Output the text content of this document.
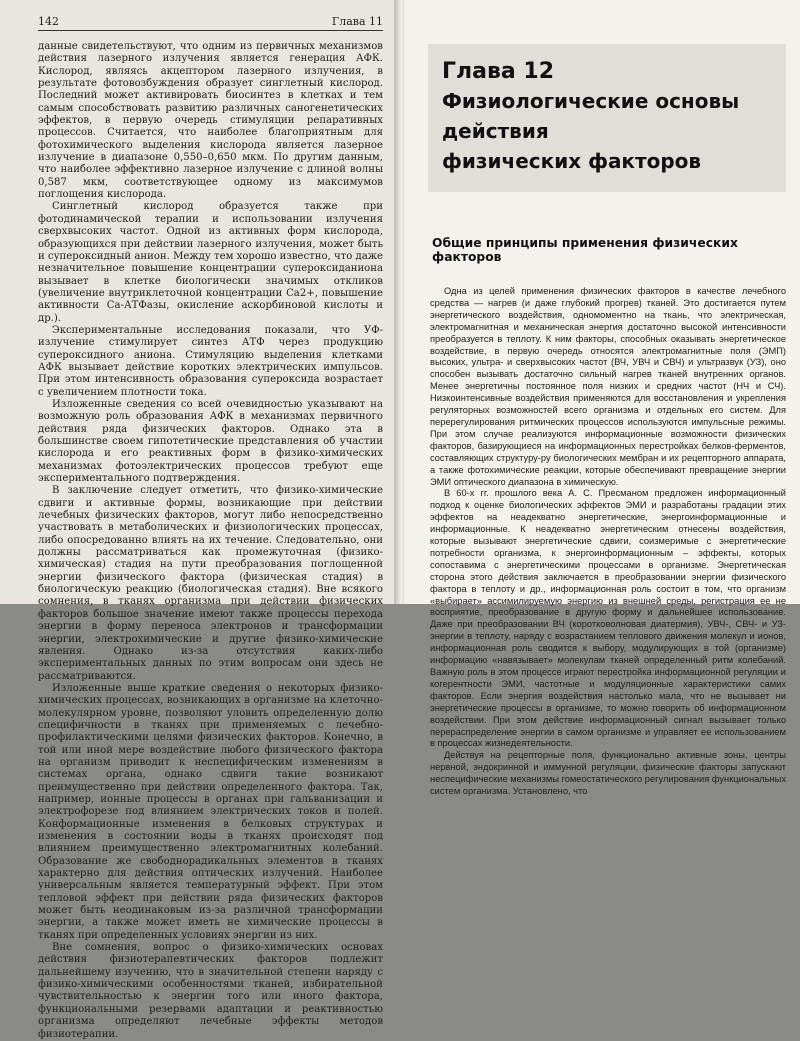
142	Глава 11

данные свидетельствуют, что одним из первичных механизмов действия лазерного излучения является генерация АФК. Кислород, являясь акцептором лазерного излучения, в результате фотовозбуждения образует синглетный кислород. Последний может активировать биосинтез в клетках и тем самым способствовать развитию различных саногенетических эффектов, в первую очередь стимуляции репаративных процессов. Считается, что наиболее благоприятным для фотохимического выделения кислорода является лазерное излучение в диапазоне 0,550–0,650 мкм. По другим данным, что наиболее эффективно лазерное излучение с длиной волны 0,587 мкм, соответствующее одному из максимумов поглощения кислорода.

Синглетный кислород образуется также при фотодинамической терапии и использовании излучения сверхвысоких частот. Одной из активных форм кислорода, образующихся при действии лазерного излучения, может быть и супероксидный анион. Между тем хорошо известно, что даже незначительное повышение концентрации супероксиданиона вызывает в клетке биологически значимых откликов (увеличение внутриклеточной концентрации Ca2+, повышение активности Ca-АТФазы, окисление аскорбиновой кислоты и др.).

Экспериментальные исследования показали, что УФ-излучение стимулирует синтез АТФ через продукцию супероксидного аниона. Стимуляцию выделения клетками АФК вызывает действие коротких электрических импульсов. При этом интенсивность образования супероксида возрастает с увеличением плотности тока.

Изложенные сведения со всей очевидностью указывают на возможную роль образования АФК в механизмах первичного действия ряда физических факторов. Однако эта в большинстве своем гипотетические представления об участии кислорода и его реактивных форм в физико-химических механизмах фотоэлектрических процессов требуют еще экспериментального подтверждения.

В заключение следует отметить, что физико-химические сдвиги и активные формы, возникающие при действии лечебных физических факторов, могут либо непосредственно участвовать в метаболических и физиологических процессах, либо опосредованно влиять на их течение. Следовательно, они должны рассматриваться как промежуточная (физико-химическая) стадия на пути преобразования поглощенной энергии физического фактора (физическая стадия) в биологическую реакцию (биологическая стадия). Вне всякого сомнения, в тканях организма при действии физических факторов большое значение имеют также процессы перехода энергии в форму переноса электронов и трансформации энергии, электрохимические и другие физико-химические явления. Однако из-за отсутствия каких-либо экспериментальных данных по этим вопросам они здесь не рассматриваются.

Изложенные выше краткие сведения о некоторых физико-химических процессах, возникающих в организме на клеточно-молекулярном уровне, позволяют уловить определенную долю специфичности в тканях при применяемых с лечебно-профилактическими целями физических факторов. Конечно, в той или иной мере воздействие любого физического фактора на организм приводит к неспецифическим изменениям в системах органа, однако сдвиги такие возникают преимущественно при действии определенного фактора. Так, например, ионные процессы в органах при гальванизации и электрофорезе под влиянием электрических токов и полей. Конформационные изменения в белковых структурах и изменения в состоянии воды в тканях происходят под влиянием преимущественно электромагнитных колебаний. Образование же свободнорадикальных элементов в тканях характерно для действия оптических излучений. Наиболее универсальным является температурный эффект. При этом тепловой эффект при действии ряда физических факторов может быть неодинаковым из-за различной трансформации энергии, а также может иметь не химические процессы в тканях при определенных условиях энергии из них.

Вне сомнения, вопрос о физико-химических основах действия физиотерапевтических факторов подлежит дальнейшему изучению, что в значительной степени наряду с физико-химическими особенностями тканей, избирательной чувствительностью к энергии того или иного фактора, функциональными резервами адаптации и реактивностью организма определяют лечебные эффекты методов физиотерапии.

Глава 12
Физиологические основы действия
физических факторов
Общие принципы применения физических факторов

Одна из целей применения физических факторов в качестве лечебного средства — нагрев (и даже глубокий прогрев) тканей. Это достигается путем энергетического воздействия, одномоментно на ткань, что электрическая, электромагнитная и механическая энергия достаточно высокой интенсивности преобразуется в теплоту. К ним факторы, способных оказывать энергетическое воздействие, в первую очередь относятся электромагнитные поля (ЭМП) высоких, ультра- и сверхвысоких частот (ВЧ, УВЧ и СВЧ) и ультразвук (УЗ), оно способен вызывать достаточно сильный нагрев тканей внутренних органов. Менее энергетичны постоянное поля низких и средних частот (НЧ и СЧ). Низкоинтенсивные воздействия применяются для восстановления и укрепления регуляторных возможностей всего организма и отдельных его систем. Для перерегулирования ритмических процессов используются импульсные режимы. При этом случае реализуются информационные возможности физических факторов, базирующиеся на информационных перестройках белков-ферментов, составляющих структуру-ру биологических мембран и их рецепторного аппарата, а также фотохимические реакции, которые обеспечивают превращение энергии ЭМИ оптического диапазона в химическую.

В 60-х гг. прошлого века А. С. Пресманом предложен информационный подход к оценке биологических эффектов ЭМИ и разработаны градации этих эффектов на неадекватно энергетические, энергоинформационные и информационные. К неадекватно энергетическим отнесены воздействия, которые вызывают энергетические сдвиги, соизмеримые с энергетические потребности организма, к энергоинформационным – эффекты, которых сопоставима с энергетическими процессами в организме. Энергетическая сторона этого действия заключается в преобразовании энергии физического фактора в теплоту и др., информационная роль состоит в том, что организм «выбирает» ассимилируемую энергию из внешней среды, регистрация ее не восприятие, преобразование в другую форму и дальнейшее использование. Даже при преобразовании ВЧ (коротковолновая диатермия), УВЧ-, СВЧ- и УЗ-энергии в теплоту, наряду с возрастанием теплового движения молекул и ионов, информационная роль сводится к выбору, модулирующих в той (организме) информацию «навязывает» молекулам тканей определенный ритм колебаний. Важную роль в этом процессе играют перестройка информационной регуляции и когерентности ЭМИ, частотные и модуляционные характеристики самих факторов. Если энергия воздействия настолько мала, что не вызывает ни энергетические процессы в организме, то можно говорить об информационном воздействии. При этом действие информационный сигнал вызывает только перераспределение энергии в самом организме и управляет ее использованием в процессах жизнедеятельности.

Действуя на рецепторные поля, функционально активные зоны, центры нервной, эндокринной и иммунной регуляции, физические факторы запускают неспецифические механизмы гомеостатического регулирования функциональных систем организма. Установлено, что
